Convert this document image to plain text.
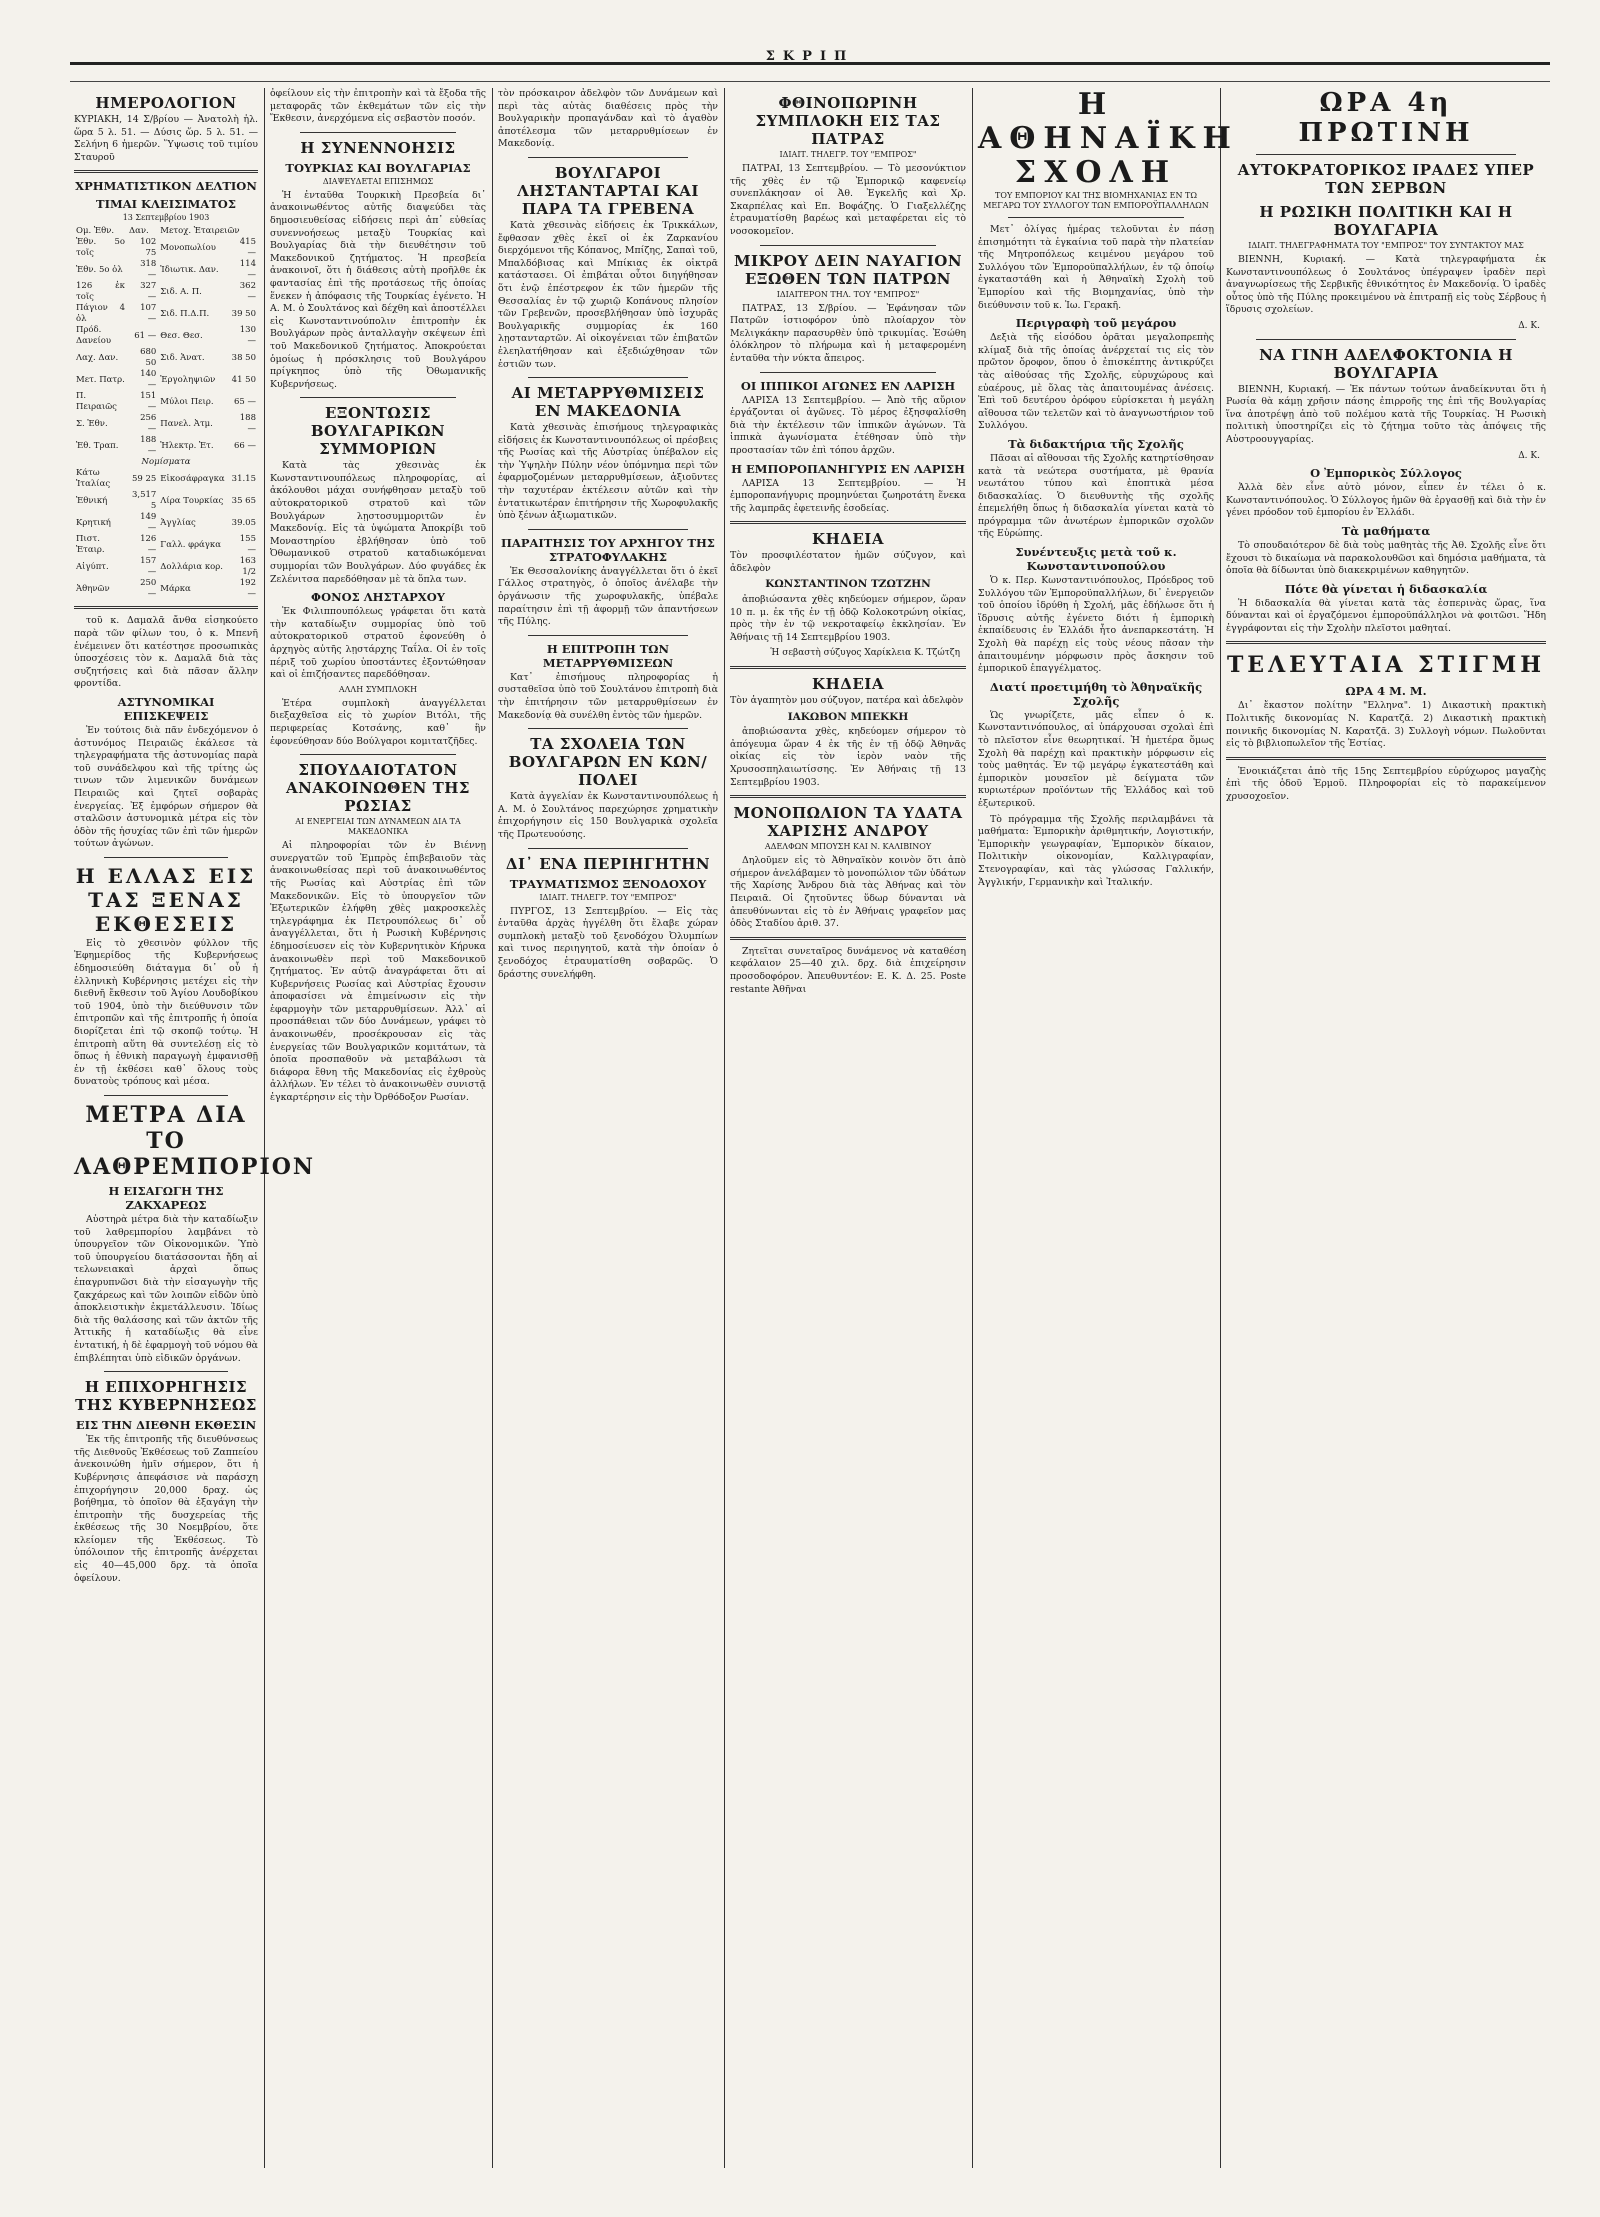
ΣΚΡΙΠ
ΗΜΕΡΟΛΟΓΙΟΝ

ΚΥΡΙΑΚΗ, 14 Σ/βρίου — Ἀνατολὴ ἡλ. ὥρα 5 λ. 51. — Δύσις ὥρ. 5 λ. 51. — Σελήνη 6 ἡμερῶν. Ὕψωσις τοῦ τιμίου Σταυροῦ

ΧΡΗΜΑΤΙΣΤΙΚΟΝ ΔΕΛΤΙΟΝ
ΤΙΜΑΙ ΚΛΕΙΣΙΜΑΤΟΣ
13 Σεπτεμβρίου 1903
Ομ. Ἐθν.	Δαν.	Μετοχ. Ἑταιρειῶν	
Ἐθν. 5ο τοῖς	102 75	Μονοπωλίου	415 —
Ἐθν. 5ο ὀλ	318 —	Ἰδιωτικ. Δαν.	114 —
126 ἐκ τοῖς	327 —	Σιδ. Α. Π.	362 —
Πάγιον 4 ὀλ	107 —	Σιδ. Π.Δ.Π.	39 50
Πρόδ. Δανείου	61 —	Θεσ. Θεσ.	130 —
Λαχ. Δαν.	680 50	Σιδ. Ἀνατ.	38 50
Μετ. Πατρ.	140 —	Ἐργοληψιῶν	41 50
Π. Πειραιῶς	151 —	Μύλοι Πειρ.	65 —
Σ. Ἐθν.	256 —	Πανελ. Ἀτμ.	188 —
Ἐθ. Τραπ.	188 —	Ἠλεκτρ. Ἑτ.	66 —
Νομίσματα			
Κάτω Ἰταλίας	59 25	Εἰκοσάφραγκα	31.15
Ἐθνική	3,517 5	Λίρα Τουρκίας	35 65
Κρητική	149 —	Ἀγγλίας	39.05
Πιστ. Ἑταιρ.	126 —	Γαλλ. φράγκα	155 —
Αἰγύπτ.	157 —	Δολλάρια κορ.	163 1/2
Ἀθηνῶν	250 —	Μάρκα	192 —

τοῦ κ. Δαμαλᾶ ἄνθα εἰσηκούετο παρὰ τῶν φίλων του, ὁ κ. Μπενῆ ἐνέμεινεν ὅτι κατέστησε προσωπικὰς ὑποσχέσεις τὸν κ. Δαμαλᾶ διὰ τὰς συζητήσεις καὶ διὰ πᾶσαν ἄλλην φροντίδα.

ΑΣΤΥΝΟΜΙΚΑΙ ΕΠΙΣΚΕΨΕΙΣ

Ἐν τούτοις διὰ πᾶν ἐνδεχόμενον ὁ ἀστυνόμος Πειραιῶς ἐκάλεσε τὰ τηλεγραφήματα τῆς ἀστυνομίας παρὰ τοῦ συνάδελφου καὶ τῆς τρίτης ὡς τινων τῶν λιμενικῶν δυνάμεων Πειραιῶς καὶ ζητεῖ σοβαρὰς ἐνεργείας. Ἐξ ἐμφόρων σήμερον θὰ σταλῶσιν ἀστυνομικὰ μέτρα εἰς τὸν ὁδὸν τῆς ἡσυχίας τῶν ἐπὶ τῶν ἡμερῶν τούτων ἀγώνων.

Η ΕΛΛΑΣ ΕΙΣ ΤΑΣ ΞΕΝΑΣ ΕΚΘΕΣΕΙΣ

Εἰς τὸ χθεσινὸν φύλλον τῆς Ἐφημερίδος τῆς Κυβερνήσεως ἐδημοσιεύθη διάταγμα δι᾿ οὗ ἡ ἑλληνικὴ Κυβέρνησις μετέχει εἰς τὴν διεθνῆ ἔκθεσιν τοῦ Ἁγίου Λουδοβίκου τοῦ 1904, ὑπὸ τὴν διεύθυνσιν τῶν ἐπιτροπῶν καὶ τῆς ἐπιτροπῆς ἡ ὁποία διορίζεται ἐπὶ τῷ σκοπῷ τούτῳ. Ἡ ἐπιτροπὴ αὕτη θὰ συντελέσῃ εἰς τὸ ὅπως ἡ ἐθνικὴ παραγωγὴ ἐμφανισθῇ ἐν τῇ ἐκθέσει καθ᾿ ὅλους τοὺς δυνατοὺς τρόπους καὶ μέσα.

ΜΕΤΡΑ ΔΙΑ ΤΟ ΛΑΘΡΕΜΠΟΡΙΟΝ
Η ΕΙΣΑΓΩΓΗ ΤΗΣ ΖΑΚΧΑΡΕΩΣ

Αὐστηρὰ μέτρα διὰ τὴν καταδίωξιν τοῦ λαθρεμπορίου λαμβάνει τὸ ὑπουργεῖον τῶν Οἰκονομικῶν. Ὑπὸ τοῦ ὑπουργείου διατάσσονται ἤδη αἱ τελωνειακαὶ ἀρχαὶ ὅπως ἐπαγρυπνῶσι διὰ τὴν εἰσαγωγὴν τῆς ζακχάρεως καὶ τῶν λοιπῶν εἰδῶν ὑπὸ ἀποκλειστικὴν ἐκμετάλλευσιν. Ἰδίως διὰ τῆς θαλάσσης καὶ τῶν ἀκτῶν τῆς Ἀττικῆς ἡ καταδίωξις θὰ εἶνε ἐντατική, ἡ δὲ ἐφαρμογὴ τοῦ νόμου θὰ ἐπιβλέπηται ὑπὸ εἰδικῶν ὀργάνων.

Η ΕΠΙΧΟΡΗΓΗΣΙΣ ΤΗΣ ΚΥΒΕΡΝΗΣΕΩΣ
ΕΙΣ ΤΗΝ ΔΙΕΘΝΗ ΕΚΘΕΣΙΝ

Ἐκ τῆς ἐπιτροπῆς τῆς διευθύνσεως τῆς Διεθνοῦς Ἐκθέσεως τοῦ Ζαππείου ἀνεκοινώθη ἡμῖν σήμερον, ὅτι ἡ Κυβέρνησις ἀπεφάσισε νὰ παράσχη ἐπιχορήγησιν 20,000 δραχ. ὡς βοήθημα, τὸ ὁποῖον θὰ ἐξαγάγη τὴν ἐπιτροπὴν τῆς δυσχερείας τῆς ἐκθέσεως τῆς 30 Νοεμβρίου, ὅτε κλείομεν τῆς Ἐκθέσεως. Τὸ ὑπόλοιπον τῆς ἐπιτροπῆς ἀνέρχεται εἰς 40—45,000 δρχ. τὰ ὁποῖα ὀφείλουν.

ὀφείλουν εἰς τὴν ἐπιτροπὴν καὶ τὰ ἔξοδα τῆς μεταφορᾶς τῶν ἐκθεμάτων τῶν εἰς τὴν Ἔκθεσιν, ἀνερχόμενα εἰς σεβαστὸν ποσόν.

Η ΣΥΝΕΝΝΟΗΣΙΣ
ΤΟΥΡΚΙΑΣ ΚΑΙ ΒΟΥΛΓΑΡΙΑΣ
ΔΙΑΨΕΥΔΕΤΑΙ ΕΠΙΣΗΜΩΣ

Ἡ ἐνταῦθα Τουρκικὴ Πρεσβεία δι᾿ ἀνακοινωθέντος αὐτῆς διαψεύδει τὰς δημοσιευθείσας εἰδήσεις περὶ ἀπ᾿ εὐθείας συνεννοήσεως μεταξὺ Τουρκίας καὶ Βουλγαρίας διὰ τὴν διευθέτησιν τοῦ Μακεδονικοῦ ζητήματος. Ἡ πρεσβεία ἀνακοινοῖ, ὅτι ἡ διάθεσις αὐτὴ προῆλθε ἐκ φαντασίας ἐπὶ τῆς προτάσεως τῆς ὁποίας ἕνεκεν ἡ ἀπόφασις τῆς Τουρκίας ἐγένετο. Ἡ Α. Μ. ὁ Σουλτάνος καὶ δέχθη καὶ ἀποστέλλει εἰς Κωνσταντινούπολιν ἐπιτροπὴν ἐκ Βουλγάρων πρὸς ἀνταλλαγὴν σκέψεων ἐπὶ τοῦ Μακεδονικοῦ ζητήματος. Ἀποκρούεται ὁμοίως ἡ πρόσκλησις τοῦ Βουλγάρου πρίγκηπος ὑπὸ τῆς Ὀθωμανικῆς Κυβερνήσεως.

ΕΞΟΝΤΩΣΙΣ ΒΟΥΛΓΑΡΙΚΩΝ ΣΥΜΜΟΡΙΩΝ

Κατὰ τὰς χθεσινὰς ἐκ Κωνσταντινουπόλεως πληροφορίας, αἱ ἀκόλουθοι μάχαι συνήφθησαν μεταξὺ τοῦ αὐτοκρατορικοῦ στρατοῦ καὶ τῶν Βουλγάρων λῃστοσυμμοριτῶν ἐν Μακεδονίᾳ. Εἰς τὰ ὑψώματα Ἀποκρίβι τοῦ Μοναστηρίου ἐβλήθησαν ὑπὸ τοῦ Ὀθωμανικοῦ στρατοῦ καταδιωκόμεναι συμμορίαι τῶν Βουλγάρων. Δύο φυγάδες ἐκ Ζελένιτσα παρεδόθησαν μὲ τὰ ὅπλα των.

ΦΟΝΟΣ ΛΗΣΤΑΡΧΟΥ

Ἐκ Φιλιππουπόλεως γράφεται ὅτι κατὰ τὴν καταδίωξιν συμμορίας ὑπὸ τοῦ αὐτοκρατορικοῦ στρατοῦ ἐφονεύθη ὁ ἀρχηγὸς αὐτῆς λῃστάρχης Ταΐλα. Οἱ ἐν τοῖς πέριξ τοῦ χωρίου ὑποστάντες ἐξοντώθησαν καὶ οἱ ἐπιζήσαντες παρεδόθησαν.

ΑΛΛΗ ΣΥΜΠΛΟΚΗ

Ἑτέρα συμπλοκὴ ἀναγγέλλεται διεξαχθεῖσα εἰς τὸ χωρίον Βιτόλι, τῆς περιφερείας Κοτσάνης, καθ᾿ ἣν ἐφονεύθησαν δύο Βούλγαροι κομιτατζῆδες.

ΣΠΟΥΔΑΙΟΤΑΤΟΝ ΑΝΑΚΟΙΝΩΘΕΝ ΤΗΣ ΡΩΣΙΑΣ
ΑΙ ΕΝΕΡΓΕΙΑΙ ΤΩΝ ΔΥΝΑΜΕΩΝ ΔΙΑ ΤΑ ΜΑΚΕΔΟΝΙΚΑ

Αἱ πληροφορίαι τῶν ἐν Βιέννῃ συνεργατῶν τοῦ Ἐμπρὸς ἐπιβεβαιοῦν τὰς ἀνακοινωθείσας περὶ τοῦ ἀνακοινωθέντος τῆς Ρωσίας καὶ Αὐστρίας ἐπὶ τῶν Μακεδονικῶν. Εἰς τὸ ὑπουργεῖον τῶν Ἐξωτερικῶν ἐλήφθη χθὲς μακροσκελὲς τηλεγράφημα ἐκ Πετρουπόλεως δι᾿ οὗ ἀναγγέλλεται, ὅτι ἡ Ρωσικὴ Κυβέρνησις ἐδημοσίευσεν εἰς τὸν Κυβερνητικὸν Κήρυκα ἀνακοινωθὲν περὶ τοῦ Μακεδονικοῦ ζητήματος. Ἐν αὐτῷ ἀναγράφεται ὅτι αἱ Κυβερνήσεις Ρωσίας καὶ Αὐστρίας ἔχουσιν ἀποφασίσει νὰ ἐπιμείνωσιν εἰς τὴν ἐφαρμογὴν τῶν μεταρρυθμίσεων. Ἀλλ᾿ αἱ προσπάθειαι τῶν δύο Δυνάμεων, γράφει τὸ ἀνακοινωθέν, προσέκρουσαν εἰς τὰς ἐνεργείας τῶν Βουλγαρικῶν κομιτάτων, τὰ ὁποῖα προσπαθοῦν νὰ μεταβάλωσι τὰ διάφορα ἔθνη τῆς Μακεδονίας εἰς ἐχθροὺς ἀλλήλων. Ἐν τέλει τὸ ἀνακοινωθὲν συνιστᾷ ἐγκαρτέρησιν εἰς τὴν Ὀρθόδοξον Ρωσίαν.

τὸν πρόσκαιρον ἀδελφὸν τῶν Δυνάμεων καὶ περὶ τὰς αὐτὰς διαθέσεις πρὸς τὴν Βουλγαρικὴν προπαγάνδαν καὶ τὸ ἀγαθὸν ἀποτέλεσμα τῶν μεταρρυθμίσεων ἐν Μακεδονίᾳ.

ΒΟΥΛΓΑΡΟΙ ΛΗΣΤΑΝΤΑΡΤΑΙ ΚΑΙ ΠΑΡΑ ΤΑ ΓΡΕΒΕΝΑ

Κατὰ χθεσινὰς εἰδήσεις ἐκ Τρικκάλων, ἔφθασαν χθὲς ἐκεῖ οἱ ἐκ Ζαρκανίου διερχόμενοι τῆς Κόπανος, Μπίζης, Σαπαὶ τοῦ, Μπαλδόβισας καὶ Μπίκιας ἐκ οἰκτρᾶ κατάστασει. Οἱ ἐπιβάται οὗτοι διηγήθησαν ὅτι ἐνῷ ἐπέστρεφον ἐκ τῶν ἡμερῶν τῆς Θεσσαλίας ἐν τῷ χωριῷ Κοπάνους πλησίον τῶν Γρεβενῶν, προσεβλήθησαν ὑπὸ ἰσχυρᾶς Βουλγαρικῆς συμμορίας ἐκ 160 λῃστανταρτῶν. Αἱ οἰκογένειαι τῶν ἐπιβατῶν ἐλεηλατήθησαν καὶ ἐξεδιώχθησαν τῶν ἑστιῶν των.

ΑΙ ΜΕΤΑΡΡΥΘΜΙΣΕΙΣ ΕΝ ΜΑΚΕΔΟΝΙΑ

Κατὰ χθεσινὰς ἐπισήμους τηλεγραφικὰς εἰδήσεις ἐκ Κωνσταντινουπόλεως οἱ πρέσβεις τῆς Ρωσίας καὶ τῆς Αὐστρίας ὑπέβαλον εἰς τὴν Ὑψηλὴν Πύλην νέον ὑπόμνημα περὶ τῶν ἐφαρμοζομένων μεταρρυθμίσεων, ἀξιοῦντες τὴν ταχυτέραν ἐκτέλεσιν αὐτῶν καὶ τὴν ἐντατικωτέραν ἐπιτήρησιν τῆς Χωροφυλακῆς ὑπὸ ξένων ἀξιωματικῶν.

ΠΑΡΑΙΤΗΣΙΣ ΤΟΥ ΑΡΧΗΓΟΥ ΤΗΣ ΣΤΡΑΤΟΦΥΛΑΚΗΣ

Ἐκ Θεσσαλονίκης ἀναγγέλλεται ὅτι ὁ ἐκεῖ Γάλλος στρατηγὸς, ὁ ὁποῖος ἀνέλαβε τὴν ὀργάνωσιν τῆς χωροφυλακῆς, ὑπέβαλε παραίτησιν ἐπὶ τῇ ἀφορμῇ τῶν ἀπαντήσεων τῆς Πύλης.

Η ΕΠΙΤΡΟΠΗ ΤΩΝ ΜΕΤΑΡΡΥΘΜΙΣΕΩΝ

Κατ᾿ ἐπισήμους πληροφορίας ἡ συσταθεῖσα ὑπὸ τοῦ Σουλτάνου ἐπιτροπὴ διὰ τὴν ἐπιτήρησιν τῶν μεταρρυθμίσεων ἐν Μακεδονίᾳ θὰ συνέλθη ἐντὸς τῶν ἡμερῶν.

ΤΑ ΣΧΟΛΕΙΑ ΤΩΝ ΒΟΥΛΓΑΡΩΝ ΕΝ ΚΩΝ/ΠΟΛΕΙ

Κατὰ ἀγγελίαν ἐκ Κωνσταντινουπόλεως ἡ Α. Μ. ὁ Σουλτάνος παρεχώρησε χρηματικὴν ἐπιχορήγησιν εἰς 150 Βουλγαρικὰ σχολεῖα τῆς Πρωτευούσης.

ΔΙ᾿ ΕΝΑ ΠΕΡΙΗΓΗΤΗΝ
ΤΡΑΥΜΑΤΙΣΜΟΣ ΞΕΝΟΔΟΧΟΥ
ΙΔΙΑΙΤ. ΤΗΛΕΓΡ. ΤΟΥ "ΕΜΠΡΟΣ"

ΠΥΡΓΟΣ, 13 Σεπτεμβρίου. — Εἰς τὰς ἐνταῦθα ἀρχὰς ἠγγέλθη ὅτι ἔλαβε χώραν συμπλοκὴ μεταξὺ τοῦ ξενοδόχου Ὀλυμπίων καὶ τινος περιηγητοῦ, κατὰ τὴν ὁποίαν ὁ ξενοδόχος ἐτραυματίσθη σοβαρῶς. Ὁ δράστης συνελήφθη.

ΦΘΙΝΟΠΩΡΙΝΗ ΣΥΜΠΛΟΚΗ ΕΙΣ ΤΑΣ ΠΑΤΡΑΣ
ΙΔΙΑΙΤ. ΤΗΛΕΓΡ. ΤΟΥ "ΕΜΠΡΟΣ"

ΠΑΤΡΑΙ, 13 Σεπτεμβρίου. — Τὸ μεσονύκτιον τῆς χθὲς ἐν τῷ Ἐμπορικῷ καφενείῳ συνεπλάκησαν οἱ Ἀθ. Ἐγκελῆς καὶ Χρ. Σκαρπέλας καὶ Επ. Βοφάζης. Ὁ Γιαξελλέζης ἐτραυματίσθη βαρέως καὶ μεταφέρεται εἰς τὸ νοσοκομεῖον.

ΜΙΚΡΟΥ ΔΕΙΝ ΝΑΥΑΓΙΟΝ ΕΞΩΘΕΝ ΤΩΝ ΠΑΤΡΩΝ
ΙΔΙΑΙΤΕΡΟΝ ΤΗΛ. ΤΟΥ "ΕΜΠΡΟΣ"

ΠΑΤΡΑΣ, 13 Σ/βρίου. — Ἐφάνησαν τῶν Πατρῶν ἱστιοφόρον ὑπὸ πλοίαρχον τὸν Μελιγκάκην παρασυρθὲν ὑπὸ τρικυμίας. Ἐσώθη ὁλόκληρον τὸ πλήρωμα καὶ ἡ μεταφερομένη ἐνταῦθα τὴν νύκτα ἄπειρος.

ΟΙ ΙΠΠΙΚΟΙ ΑΓΩΝΕΣ ΕΝ ΛΑΡΙΣΗ

ΛΑΡΙΣΑ 13 Σεπτεμβρίου. — Ἀπὸ τῆς αὔριον ἐργάζονται οἱ ἀγῶνες. Τὸ μέρος ἐξησφαλίσθη διὰ τὴν ἐκτέλεσιν τῶν ἱππικῶν ἀγώνων. Τὰ ἱππικὰ ἀγωνίσματα ἐτέθησαν ὑπὸ τὴν προστασίαν τῶν ἐπὶ τόπου ἀρχῶν.

Η ΕΜΠΟΡΟΠΑΝΗΓΥΡΙΣ ΕΝ ΛΑΡΙΣΗ

ΛΑΡΙΣΑ 13 Σεπτεμβρίου. — Ἡ ἐμποροπανήγυρις προμηνύεται ζωηροτάτη ἕνεκα τῆς λαμπρᾶς ἐφετεινῆς ἐσοδείας.

ΚΗΔΕΙΑ

Τὸν προσφιλέστατον ἡμῶν σύζυγον, καὶ ἀδελφὸν

ΚΩΝΣΤΑΝΤΙΝΟΝ ΤΖΩΤΖΗΝ

ἀποβιώσαντα χθὲς κηδεύομεν σήμερον, ὥραν 10 π. μ. ἐκ τῆς ἐν τῇ ὁδῷ Κολοκοτρώνη οἰκίας, πρὸς τὴν ἐν τῷ νεκροταφείῳ ἐκκλησίαν. Ἐν Ἀθήναις τῇ 14 Σεπτεμβρίου 1903.

Ἡ σεβαστὴ σύζυγος Χαρίκλεια Κ. Τζώτζη
ΚΗΔΕΙΑ

Τὸν ἀγαπητὸν μου σύζυγον, πατέρα καὶ ἀδελφὸν

ΙΑΚΩΒΟΝ ΜΠΕΚΚΗ

ἀποβιώσαντα χθὲς, κηδεύομεν σήμερον τὸ ἀπόγευμα ὥραν 4 ἐκ τῆς ἐν τῇ ὁδῷ Ἀθηνᾶς οἰκίας εἰς τὸν ἱερὸν ναὸν τῆς Χρυσοσπηλαιωτίσσης. Ἐν Ἀθήναις τῇ 13 Σεπτεμβρίου 1903.

ΜΟΝΟΠΩΛΙΟΝ ΤΑ ΥΔΑΤΑ ΧΑΡΙΣΗΣ ΑΝΔΡΟΥ
ΑΔΕΛΦΩΝ ΜΠΟΥΣΗ ΚΑΙ Ν. ΚΑΛΙΒΙΝΟΥ

Δηλοῦμεν εἰς τὸ Ἀθηναϊκὸν κοινὸν ὅτι ἀπὸ σήμερον ἀνελάβαμεν τὸ μονοπώλιον τῶν ὑδάτων τῆς Χαρίσης Ἄνδρου διὰ τὰς Ἀθήνας καὶ τὸν Πειραιᾶ. Οἱ ζητοῦντες ὕδωρ δύνανται νὰ ἀπευθύνωνται εἰς τὸ ἐν Ἀθήναις γραφεῖον μας ὁδὸς Σταδίου ἀριθ. 37.

Ζητεῖται συνεταῖρος δυνάμενος νὰ καταθέση κεφάλαιον 25—40 χιλ. δρχ. διὰ ἐπιχείρησιν προσοδοφόρον. Ἀπευθυντέον: Ε. Κ. Δ. 25. Poste restante Ἀθῆναι

Η ΑΘΗΝΑΪΚΗ ΣΧΟΛΗ
ΤΟΥ ΕΜΠΟΡΙΟΥ ΚΑΙ ΤΗΣ ΒΙΟΜΗΧΑΝΙΑΣ ΕΝ ΤΩ ΜΕΓΑΡΩ ΤΟΥ ΣΥΛΛΟΓΟΥ ΤΩΝ ΕΜΠΟΡΟΫΠΑΛΛΗΛΩΝ

Μετ᾿ ὀλίγας ἡμέρας τελοῦνται ἐν πάσῃ ἐπισημότητι τὰ ἐγκαίνια τοῦ παρὰ τὴν πλατείαν τῆς Μητροπόλεως κειμένου μεγάρου τοῦ Συλλόγου τῶν Ἐμποροϋπαλλήλων, ἐν τῷ ὁποίῳ ἐγκαταστάθη καὶ ἡ Ἀθηναϊκὴ Σχολὴ τοῦ Ἐμπορίου καὶ τῆς Βιομηχανίας, ὑπὸ τὴν διεύθυνσιν τοῦ κ. Ἰω. Γερακῆ.

Περιγραφὴ τοῦ μεγάρου

Δεξιὰ τῆς εἰσόδου ὁρᾶται μεγαλοπρεπὴς κλίμαξ διὰ τῆς ὁποίας ἀνέρχεταί τις εἰς τὸν πρῶτον ὄροφον, ὅπου ὁ ἐπισκέπτης ἀντικρύζει τὰς αἰθούσας τῆς Σχολῆς, εὐρυχώρους καὶ εὐαέρους, μὲ ὅλας τὰς ἀπαιτουμένας ἀνέσεις. Ἐπὶ τοῦ δευτέρου ὀρόφου εὑρίσκεται ἡ μεγάλη αἴθουσα τῶν τελετῶν καὶ τὸ ἀναγνωστήριον τοῦ Συλλόγου.

Τὰ διδακτήρια τῆς Σχολῆς

Πᾶσαι αἱ αἴθουσαι τῆς Σχολῆς κατηρτίσθησαν κατὰ τὰ νεώτερα συστήματα, μὲ θρανία νεωτάτου τύπου καὶ ἐποπτικὰ μέσα διδασκαλίας. Ὁ διευθυντὴς τῆς σχολῆς ἐπεμελήθη ὅπως ἡ διδασκαλία γίνεται κατὰ τὸ πρόγραμμα τῶν ἀνωτέρων ἐμπορικῶν σχολῶν τῆς Εὐρώπης.

Συνέντευξις μετὰ τοῦ κ. Κωνσταντινοπούλου

Ὁ κ. Περ. Κωνσταντινόπουλος, Πρόεδρος τοῦ Συλλόγου τῶν Ἐμποροϋπαλλήλων, δι᾿ ἐνεργειῶν τοῦ ὁποίου ἱδρύθη ἡ Σχολή, μᾶς ἐδήλωσε ὅτι ἡ ἵδρυσις αὐτῆς ἐγένετο διότι ἡ ἐμπορικὴ ἐκπαίδευσις ἐν Ἑλλάδι ἦτο ἀνεπαρκεστάτη. Ἡ Σχολὴ θὰ παρέχῃ εἰς τοὺς νέους πᾶσαν τὴν ἀπαιτουμένην μόρφωσιν πρὸς ἄσκησιν τοῦ ἐμπορικοῦ ἐπαγγέλματος.

Διατί προετιμήθη τὸ Ἀθηναϊκῆς Σχολῆς

Ὡς γνωρίζετε, μᾶς εἶπεν ὁ κ. Κωνσταντινόπουλος, αἱ ὑπάρχουσαι σχολαὶ ἐπὶ τὸ πλεῖστον εἶνε θεωρητικαί. Ἡ ἡμετέρα ὅμως Σχολὴ θὰ παρέχῃ καὶ πρακτικὴν μόρφωσιν εἰς τοὺς μαθητάς. Ἐν τῷ μεγάρῳ ἐγκατεστάθη καὶ ἐμπορικὸν μουσεῖον μὲ δείγματα τῶν κυριωτέρων προϊόντων τῆς Ἑλλάδος καὶ τοῦ ἐξωτερικοῦ.

Τὸ πρόγραμμα τῆς Σχολῆς περιλαμβάνει τὰ μαθήματα: Ἐμπορικὴν ἀριθμητικήν, Λογιστικήν, Ἐμπορικὴν γεωγραφίαν, Ἐμπορικὸν δίκαιον, Πολιτικὴν οἰκονομίαν, Καλλιγραφίαν, Στενογραφίαν, καὶ τὰς γλώσσας Γαλλικήν, Ἀγγλικήν, Γερμανικὴν καὶ Ἰταλικήν.

ΩΡΑ 4η ΠΡΩΤΙΝΗ
ΑΥΤΟΚΡΑΤΟΡΙΚΟΣ ΙΡΑΔΕΣ ΥΠΕΡ ΤΩΝ ΣΕΡΒΩΝ
Η ΡΩΣΙΚΗ ΠΟΛΙΤΙΚΗ ΚΑΙ Η ΒΟΥΛΓΑΡΙΑ
ΙΔΙΑΙΤ. ΤΗΛΕΓΡΑΦΗΜΑΤΑ ΤΟΥ "ΕΜΠΡΟΣ" ΤΟΥ ΣΥΝΤΑΚΤΟΥ ΜΑΣ

ΒΙΕΝΝΗ, Κυριακή. — Κατὰ τηλεγραφήματα ἐκ Κωνσταντινουπόλεως ὁ Σουλτάνος ὑπέγραψεν ἰραδὲν περὶ ἀναγνωρίσεως τῆς Σερβικῆς ἐθνικότητος ἐν Μακεδονίᾳ. Ὁ ἰραδὲς οὗτος ὑπὸ τῆς Πύλης προκειμένου νὰ ἐπιτραπῇ εἰς τοὺς Σέρβους ἡ ἵδρυσις σχολείων.

Δ. Κ.
ΝΑ ΓΙΝΗ ΑΔΕΛΦΟΚΤΟΝΙΑ Η ΒΟΥΛΓΑΡΙΑ

ΒΙΕΝΝΗ, Κυριακή. — Ἐκ πάντων τούτων ἀναδείκνυται ὅτι ἡ Ρωσία θὰ κάμῃ χρῆσιν πάσης ἐπιρροῆς της ἐπὶ τῆς Βουλγαρίας ἵνα ἀποτρέψῃ ἀπὸ τοῦ πολέμου κατὰ τῆς Τουρκίας. Ἡ Ρωσικὴ πολιτικὴ ὑποστηρίζει εἰς τὸ ζήτημα τοῦτο τὰς ἀπόψεις τῆς Αὐστροουγγαρίας.

Δ. Κ.
Ο Ἐμπορικὸς Σύλλογος

Ἀλλὰ δὲν εἶνε αὐτὸ μόνον, εἶπεν ἐν τέλει ὁ κ. Κωνσταντινόπουλος. Ὁ Σύλλογος ἡμῶν θὰ ἐργασθῇ καὶ διὰ τὴν ἐν γένει πρόοδον τοῦ ἐμπορίου ἐν Ἑλλάδι.

Τὰ μαθήματα

Τὸ σπουδαιότερον δὲ διὰ τοὺς μαθητὰς τῆς Ἀθ. Σχολῆς εἶνε ὅτι ἔχουσι τὸ δικαίωμα νὰ παρακολουθῶσι καὶ δημόσια μαθήματα, τὰ ὁποῖα θὰ δίδωνται ὑπὸ διακεκριμένων καθηγητῶν.

Πότε θὰ γίνεται ἡ διδασκαλία

Ἡ διδασκαλία θὰ γίνεται κατὰ τὰς ἑσπερινὰς ὥρας, ἵνα δύνανται καὶ οἱ ἐργαζόμενοι ἐμποροϋπάλληλοι νὰ φοιτῶσι. Ἤδη ἐγγράφονται εἰς τὴν Σχολὴν πλεῖστοι μαθηταί.

ΤΕΛΕΥΤΑΙΑ ΣΤΙΓΜΗ
ΩΡΑ 4 Μ. Μ.

Δι᾿ ἔκαστον πολίτην "Ελληνα". 1) Δικαστικὴ πρακτικὴ Πολιτικῆς δικονομίας Ν. Καρατζᾶ. 2) Δικαστικὴ πρακτικὴ ποινικῆς δικονομίας Ν. Καρατζᾶ. 3) Συλλογὴ νόμων. Πωλοῦνται εἰς τὸ βιβλιοπωλεῖον τῆς Ἑστίας.

Ἐνοικιάζεται ἀπὸ τῆς 15ης Σεπτεμβρίου εὐρύχωρος μαγαζὴς ἐπὶ τῆς ὁδοῦ Ἑρμοῦ. Πληροφορίαι εἰς τὸ παρακείμενον χρυσοχοεῖον.
